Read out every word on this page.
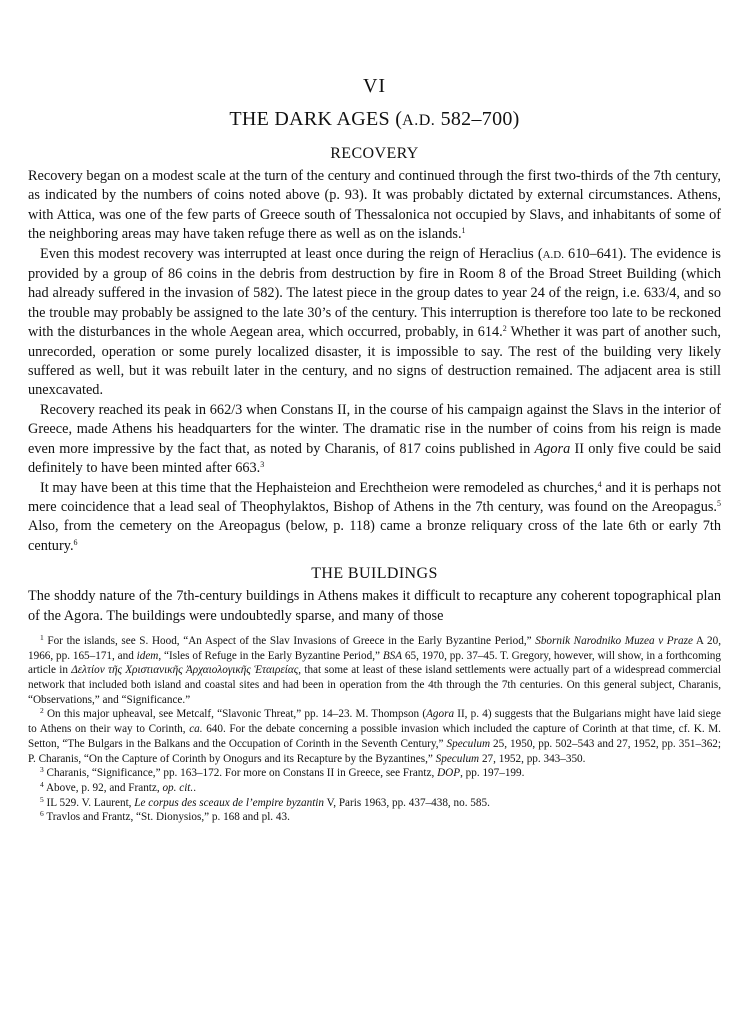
VI
THE DARK AGES (A.D. 582–700)
RECOVERY

Recovery began on a modest scale at the turn of the century and continued through the first two-thirds of the 7th century, as indicated by the numbers of coins noted above (p. 93). It was probably dictated by external circumstances. Athens, with Attica, was one of the few parts of Greece south of Thessalonica not occupied by Slavs, and inhabitants of some of the neighboring areas may have taken refuge there as well as on the islands.$^1$

Even this modest recovery was interrupted at least once during the reign of Heraclius (A.D. 610–641). The evidence is provided by a group of 86 coins in the debris from destruction by fire in Room 8 of the Broad Street Building (which had already suffered in the invasion of 582). The latest piece in the group dates to year 24 of the reign, i.e. 633/4, and so the trouble may probably be assigned to the late 30’s of the century. This interruption is therefore too late to be reckoned with the disturbances in the whole Aegean area, which occurred, probably, in 614.$^2$ Whether it was part of another such, unrecorded, operation or some purely localized disaster, it is impossible to say. The rest of the building very likely suffered as well, but it was rebuilt later in the century, and no signs of destruction remained. The adjacent area is still unexcavated.

Recovery reached its peak in 662/3 when Constans II, in the course of his campaign against the Slavs in the interior of Greece, made Athens his headquarters for the winter. The dramatic rise in the number of coins from his reign is made even more impressive by the fact that, as noted by Charanis, of 817 coins published in Agora II only five could be said definitely to have been minted after 663.$^3$

It may have been at this time that the Hephaisteion and Erechtheion were remodeled as churches,$^4$ and it is perhaps not mere coincidence that a lead seal of Theophylaktos, Bishop of Athens in the 7th century, was found on the Areopagus.$^5$ Also, from the cemetery on the Areopagus (below, p. 118) came a bronze reliquary cross of the late 6th or early 7th century.$^6$

THE BUILDINGS

The shoddy nature of the 7th-century buildings in Athens makes it difficult to recapture any coherent topographical plan of the Agora. The buildings were undoubtedly sparse, and many of those

$^1$ For the islands, see S. Hood, “An Aspect of the Slav Invasions of Greece in the Early Byzantine Period,” Sbornik Narodniko Muzea v Praze A 20, 1966, pp. 165–171, and idem, “Isles of Refuge in the Early Byzantine Period,” BSA 65, 1970, pp. 37–45. T. Gregory, however, will show, in a forthcoming article in Δελτίον τῆς Χριστιανικῆς Ἀρχαιολογικῆς Ἑταιρείας, that some at least of these island settlements were actually part of a widespread commercial network that included both island and coastal sites and had been in operation from the 4th through the 7th centuries. On this general subject, Charanis, “Observations,” and “Significance.”

$^2$ On this major upheaval, see Metcalf, “Slavonic Threat,” pp. 14–23. M. Thompson (Agora II, p. 4) suggests that the Bulgarians might have laid siege to Athens on their way to Corinth, ca. 640. For the debate concerning a possible invasion which included the capture of Corinth at that time, cf. K. M. Setton, “The Bulgars in the Balkans and the Occupation of Corinth in the Seventh Century,” Speculum 25, 1950, pp. 502–543 and 27, 1952, pp. 351–362; P. Charanis, “On the Capture of Corinth by Onogurs and its Recapture by the Byzantines,” Speculum 27, 1952, pp. 343–350.

$^3$ Charanis, “Significance,” pp. 163–172. For more on Constans II in Greece, see Frantz, DOP, pp. 197–199.

$^4$ Above, p. 92, and Frantz, op. cit..

$^5$ IL 529. V. Laurent, Le corpus des sceaux de l’empire byzantin V, Paris 1963, pp. 437–438, no. 585.

$^6$ Travlos and Frantz, “St. Dionysios,” p. 168 and pl. 43.
